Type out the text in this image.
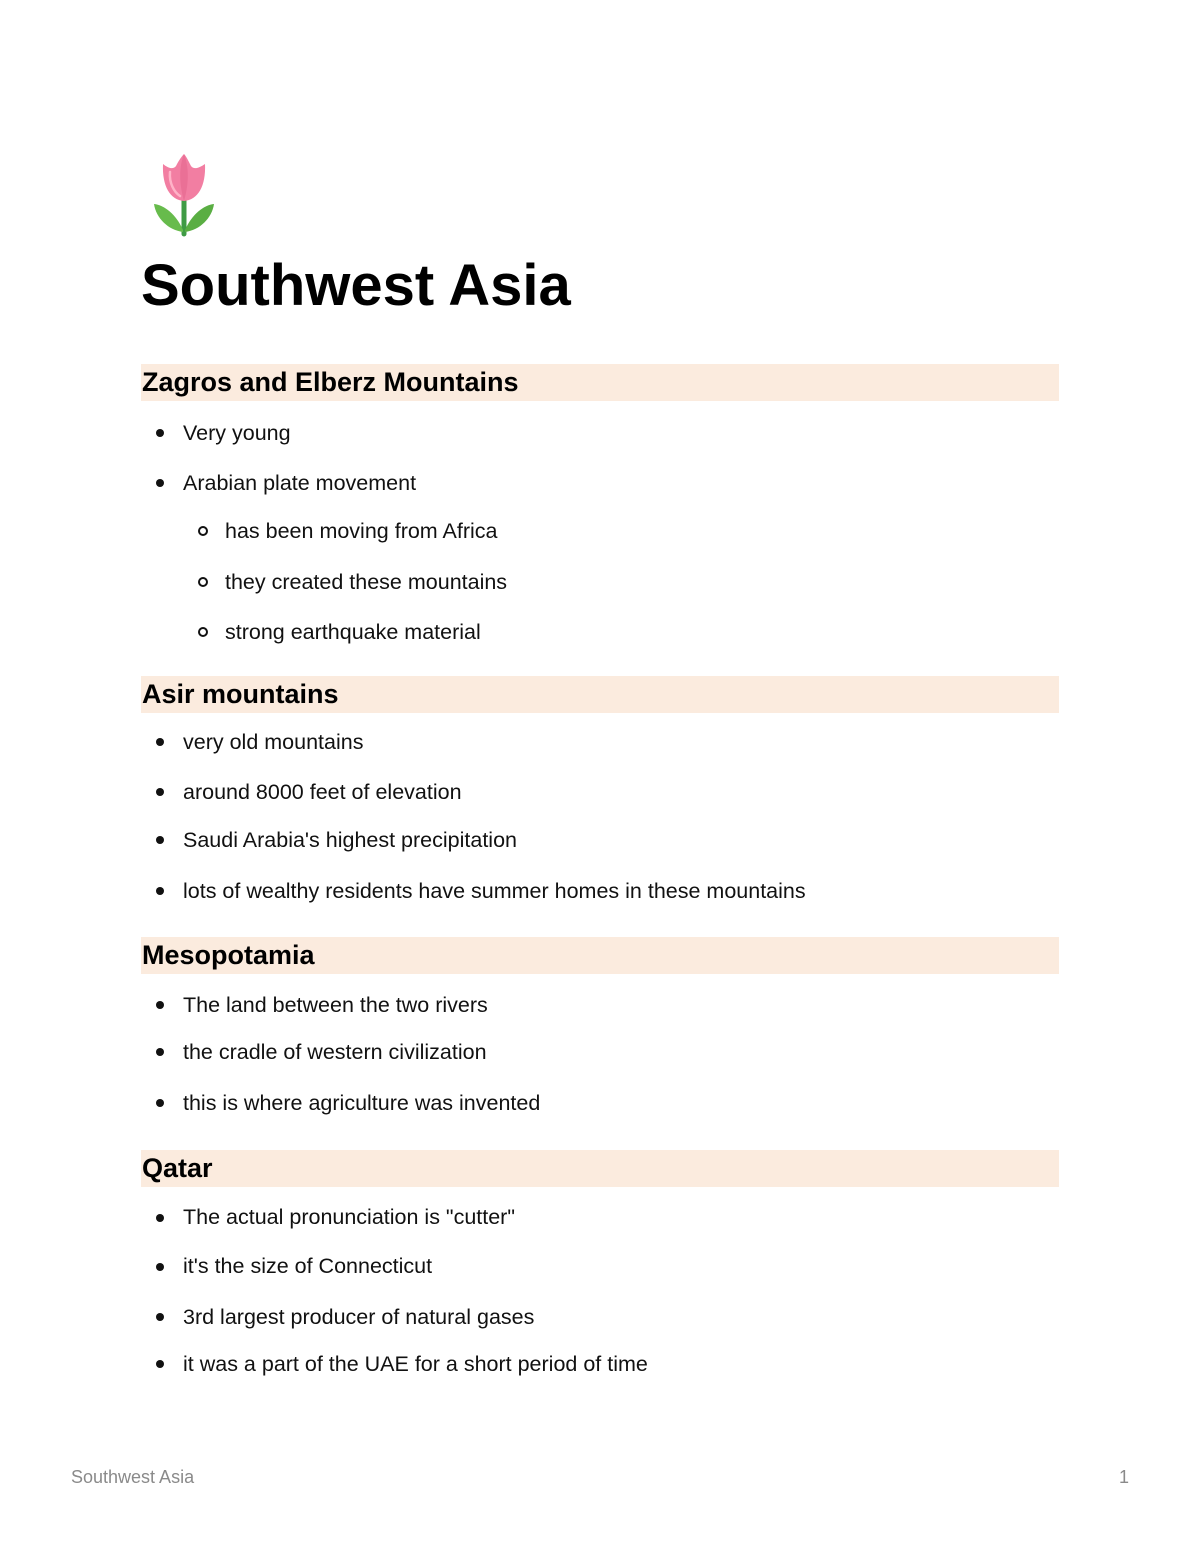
Southwest Asia
Zagros and Elberz Mountains
Very young
Arabian plate movement
has been moving from Africa
they created these mountains
strong earthquake material
Asir mountains
very old mountains
around 8000 feet of elevation
Saudi Arabia's highest precipitation
lots of wealthy residents have summer homes in these mountains
Mesopotamia
The land between the two rivers
the cradle of western civilization
this is where agriculture was invented
Qatar
The actual pronunciation is "cutter"
it's the size of Connecticut
3rd largest producer of natural gases
it was a part of the UAE for a short period of time
Southwest Asia	1
